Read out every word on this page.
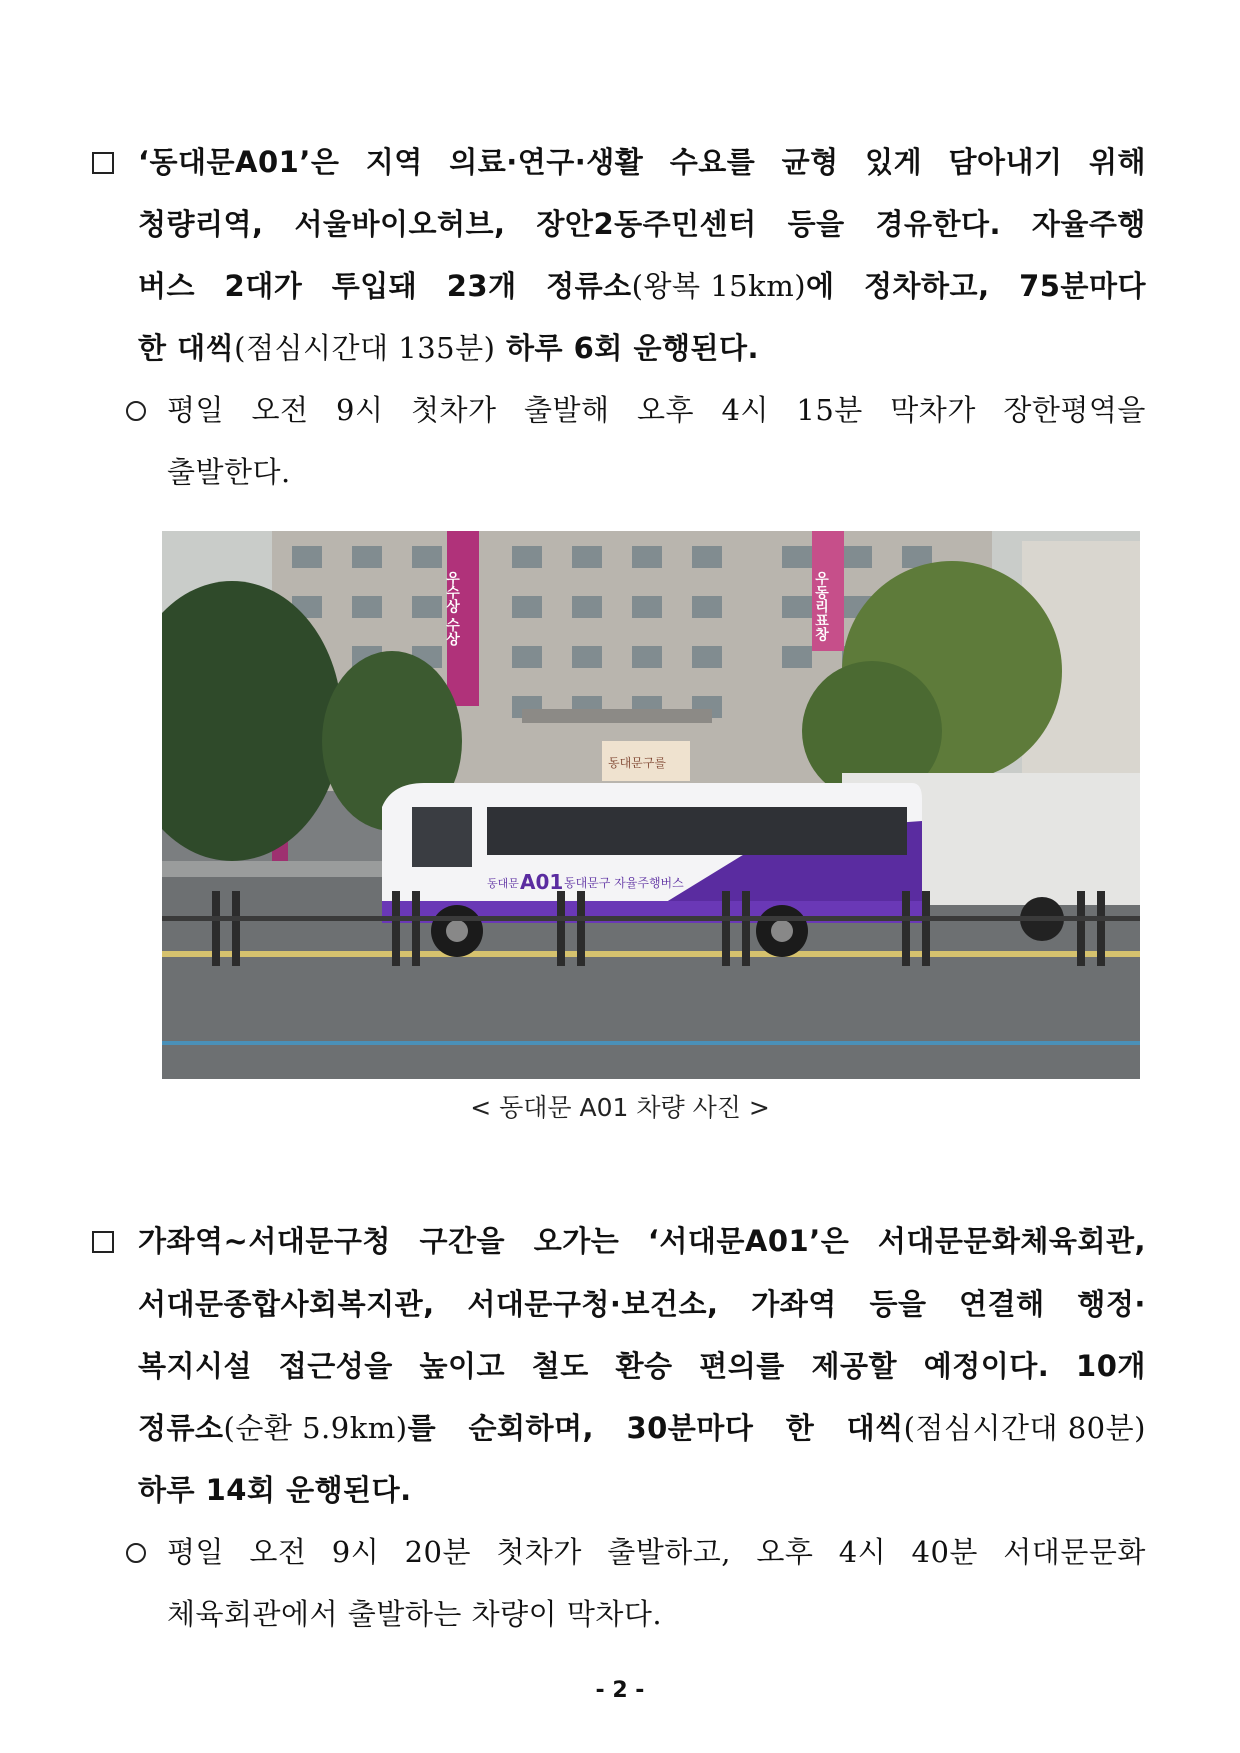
‘동대문A01’은 지역 의료·연구·생활 수요를 균형 있게 담아내기 위해
청량리역, 서울바이오허브, 장안2동주민센터 등을 경유한다. 자율주행
버스 2대가 투입돼 23개 정류소(왕복 15km)에 정차하고, 75분마다
한 대씩(점심시간대 135분) 하루 6회 운행된다.
평일 오전 9시 첫차가 출발해 오후 4시 15분 막차가 장한평역을
출발한다.
동대문 A01 동대문구 자율주행버스
동대문구를
우수상 수상	우동리표창
< 동대문 A01 차량 사진 >
가좌역~서대문구청 구간을 오가는 ‘서대문A01’은 서대문문화체육회관,
서대문종합사회복지관, 서대문구청·보건소, 가좌역 등을 연결해 행정·
복지시설 접근성을 높이고 철도 환승 편의를 제공할 예정이다. 10개
정류소(순환 5.9km)를 순회하며, 30분마다 한 대씩(점심시간대 80분)
하루 14회 운행된다.
평일 오전 9시 20분 첫차가 출발하고, 오후 4시 40분 서대문문화
체육회관에서 출발하는 차량이 막차다.
- 2 -
